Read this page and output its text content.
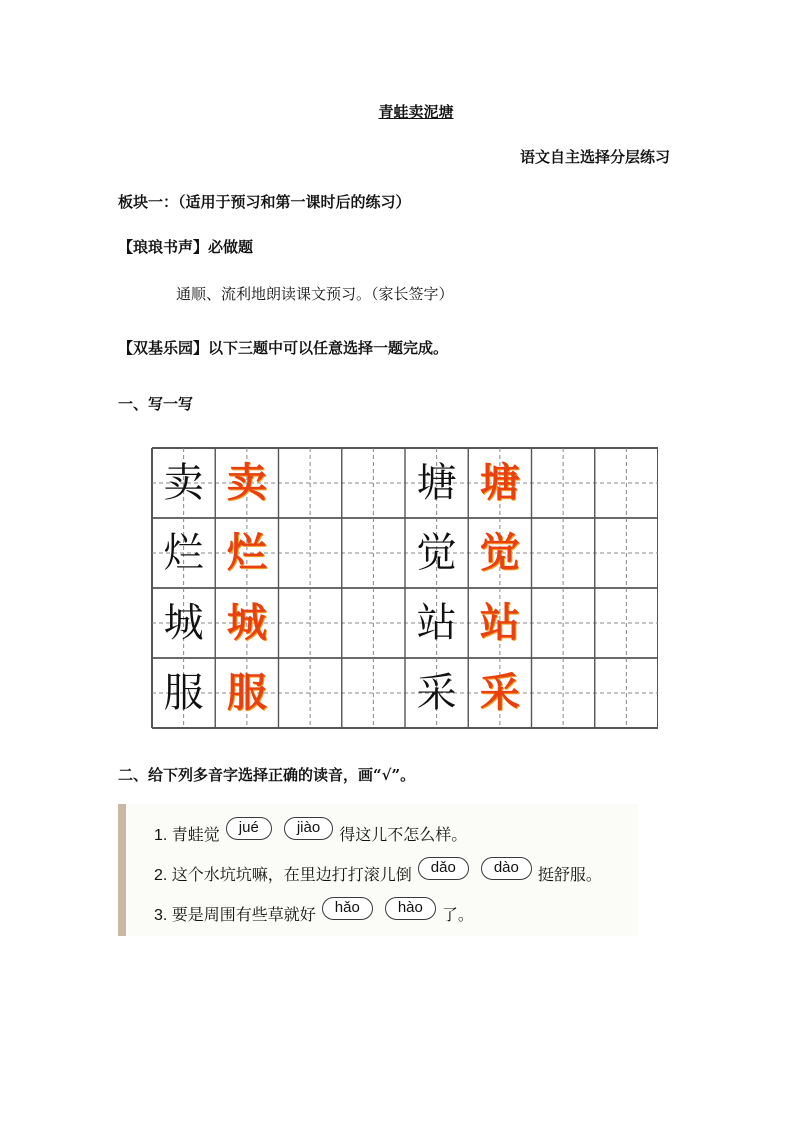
青蛙卖泥塘
语文自主选择分层练习
板块一：（适用于预习和第一课时后的练习）
【琅琅书声】必做题
通顺、流利地朗读课文预习。（家长签字）
【双基乐园】以下三题中可以任意选择一题完成。
一、写一写
卖 卖	塘 塘
烂 烂	觉 觉
城 城	站 站
服 服	采 采
二、给下列多音字选择正确的读音，画“√”。
1. 青蛙觉 jué	jiào 得这儿不怎么样。
2. 这个水坑坑嘛，在里边打打滚儿倒 dǎo	dào 挺舒服。
3. 要是周围有些草就好 hǎo	hào 了。
